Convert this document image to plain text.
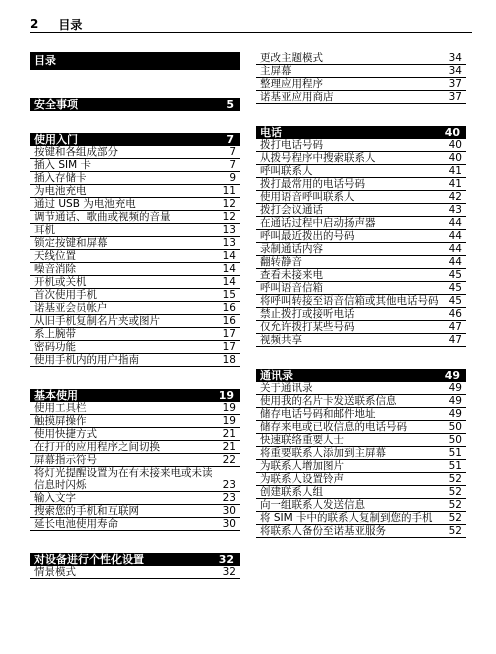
2 目录
目录
安全事项	5
使用入门	7
按键和各组成部分	7
插入 SIM 卡	7
插入存储卡	9
为电池充电	11
通过 USB 为电池充电	12
调节通话、歌曲或视频的音量	12
耳机	13
锁定按键和屏幕	13
天线位置	14
噪音消除	14
开机或关机	14
首次使用手机	15
诺基亚会员帐户	16
从旧手机复制名片夹或图片	16
系上腕带	17
密码功能	17
使用手机内的用户指南	18
基本使用	19
使用工具栏	19
触摸屏操作	19
使用快捷方式	21
在打开的应用程序之间切换	21
屏幕指示符号	22
将灯光提醒设置为在有未接来电或未读信息时闪烁	23
输入文字	23
搜索您的手机和互联网	30
延长电池使用寿命	30
对设备进行个性化设置	32
情景模式	32
更改主题模式	34
主屏幕	34
整理应用程序	37
诺基亚应用商店	37
电话	40
拨打电话号码	40
从拨号程序中搜索联系人	40
呼叫联系人	41
拨打最常用的电话号码	41
使用语音呼叫联系人	42
拨打会议通话	43
在通话过程中启动扬声器	44
呼叫最近拨出的号码	44
录制通话内容	44
翻转静音	44
查看未接来电	45
呼叫语音信箱	45
将呼叫转接至语音信箱或其他电话号码 45
禁止拨打或接听电话	46
仅允许拨打某些号码	47
视频共享	47
通讯录	49
关于通讯录	49
使用我的名片卡发送联系信息	49
储存电话号码和邮件地址	49
储存来电或已收信息的电话号码	50
快速联络重要人士	50
将重要联系人添加到主屏幕	51
为联系人增加图片	51
为联系人设置铃声	52
创建联系人组	52
向一组联系人发送信息	52
将 SIM 卡中的联系人复制到您的手机	52
将联系人备份至诺基亚服务	52
